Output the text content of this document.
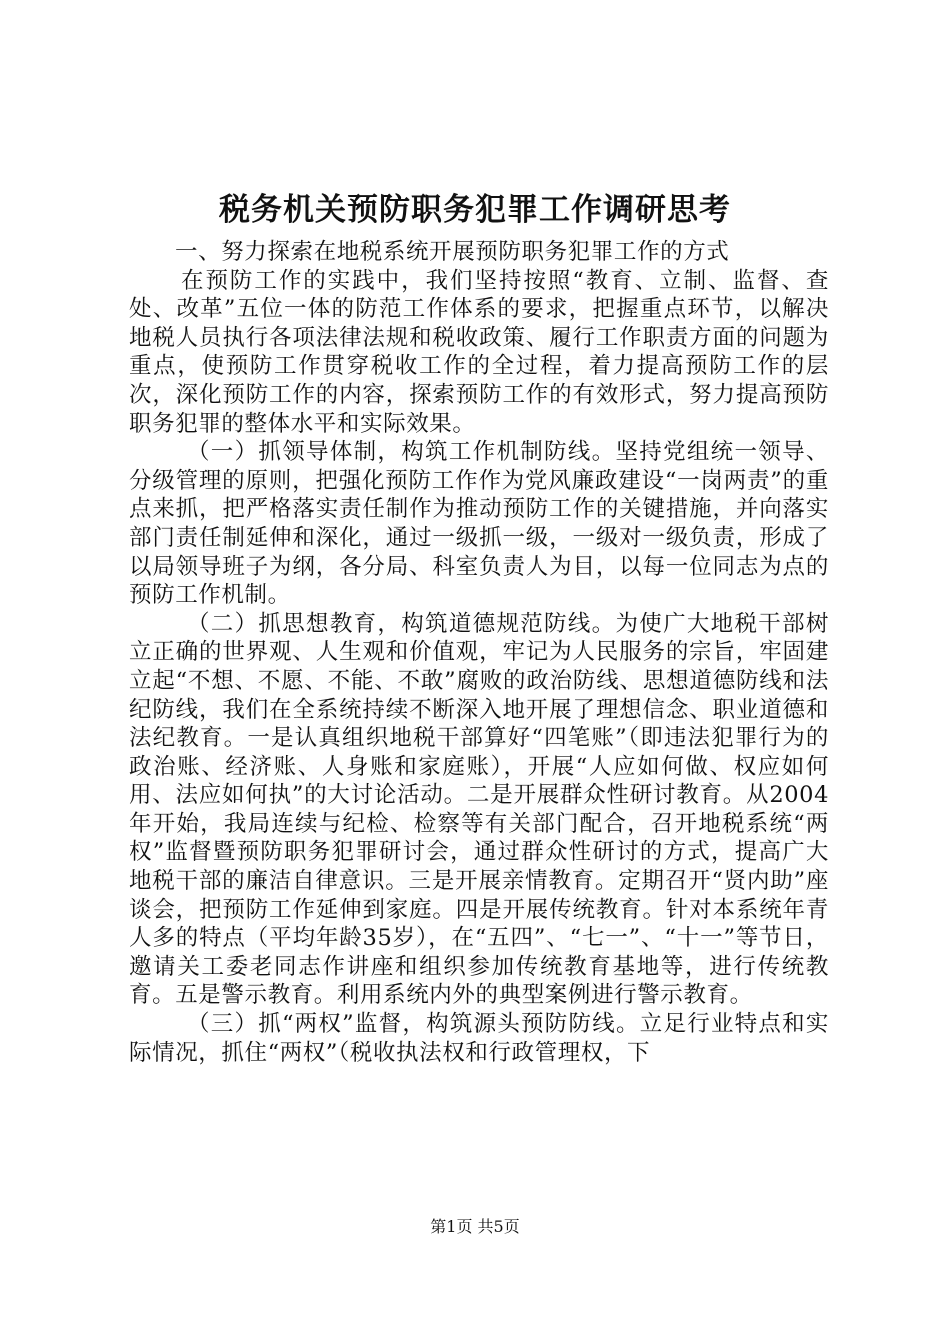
税务机关预防职务犯罪工作调研思考

一、努力探索在地税系统开展预防职务犯罪工作的方式

在预防工作的实践中，我们坚持按照“教育、立制、监督、查处、改革”五位一体的防范工作体系的要求，把握重点环节，以解决地税人员执行各项法律法规和税收政策、履行工作职责方面的问题为重点，使预防工作贯穿税收工作的全过程，着力提高预防工作的层次，深化预防工作的内容，探索预防工作的有效形式，努力提高预防职务犯罪的整体水平和实际效果。

（一）抓领导体制，构筑工作机制防线。坚持党组统一领导、分级管理的原则，把强化预防工作作为党风廉政建设“一岗两责”的重点来抓，把严格落实责任制作为推动预防工作的关键措施，并向落实部门责任制延伸和深化，通过一级抓一级，一级对一级负责，形成了以局领导班子为纲，各分局、科室负责人为目，以每一位同志为点的预防工作机制。

（二）抓思想教育，构筑道德规范防线。为使广大地税干部树立正确的世界观、人生观和价值观，牢记为人民服务的宗旨，牢固建立起“不想、不愿、不能、不敢”腐败的政治防线、思想道德防线和法纪防线，我们在全系统持续不断深入地开展了理想信念、职业道德和法纪教育。一是认真组织地税干部算好“四笔账”（即违法犯罪行为的政治账、经济账、人身账和家庭账），开展“人应如何做、权应如何用、法应如何执”的大讨论活动。二是开展群众性研讨教育。从2004年开始，我局连续与纪检、检察等有关部门配合，召开地税系统“两权”监督暨预防职务犯罪研讨会，通过群众性研讨的方式，提高广大地税干部的廉洁自律意识。三是开展亲情教育。定期召开“贤内助”座谈会，把预防工作延伸到家庭。四是开展传统教育。针对本系统年青人多的特点（平均年龄35岁），在“五四”、“七一”、“十一”等节日，邀请关工委老同志作讲座和组织参加传统教育基地等，进行传统教育。五是警示教育。利用系统内外的典型案例进行警示教育。

（三）抓“两权”监督，构筑源头预防防线。立足行业特点和实际情况，抓住“两权”（税收执法权和行政管理权，下

第1页 共5页
